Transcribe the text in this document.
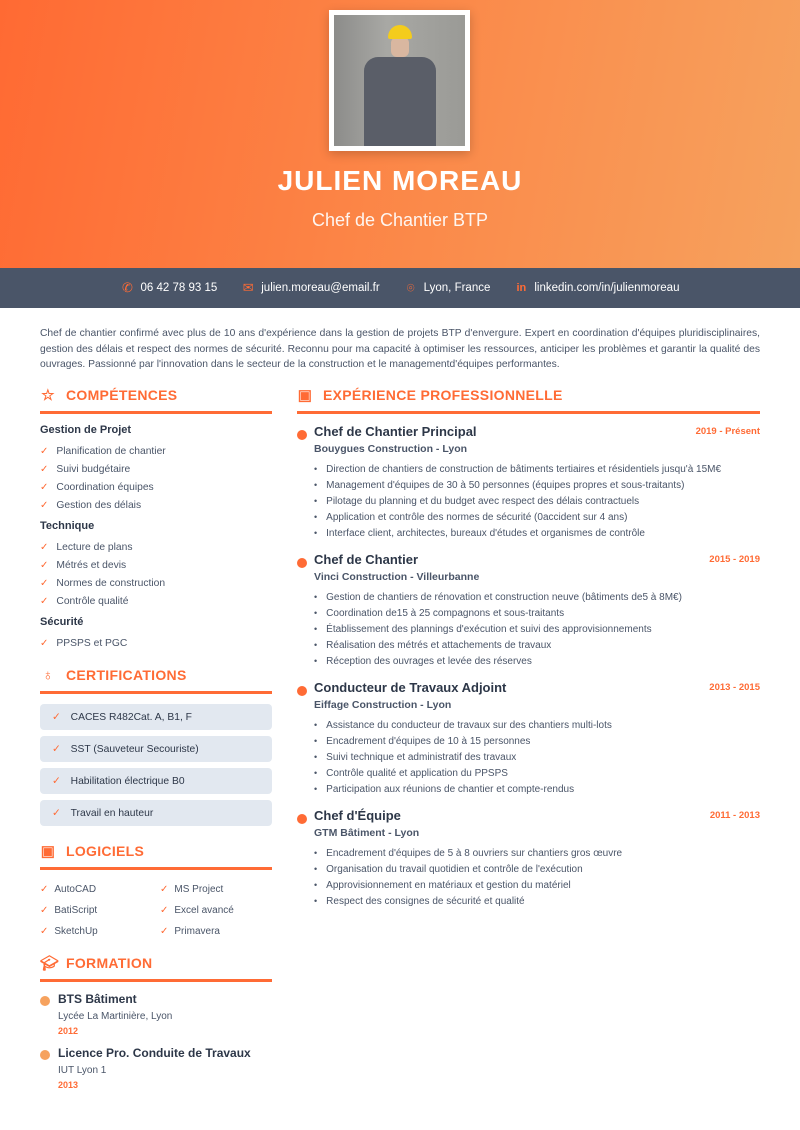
JULIEN MOREAU
Chef de Chantier BTP
✆ 06 42 78 93 15 ✉ julien.moreau@email.fr ⌾ Lyon, France in linkedin.com/in/julienmoreau

Chef de chantier confirmé avec plus de 10 ans d'expérience dans la gestion de projets BTP d'envergure. Expert en coordination d'équipes pluridisciplinaires, gestion des délais et respect des normes de sécurité. Reconnu pour ma capacité à optimiser les ressources, anticiper les problèmes et garantir la qualité des ouvrages. Passionné par l'innovation dans le secteur de la construction et le managementd'équipes performantes.

☆ COMPÉTENCES
Gestion de Projet
✓ Planification de chantier
✓ Suivi budgétaire
✓ Coordination équipes
✓ Gestion des délais
Technique
✓ Lecture de plans
✓ Métrés et devis
✓ Normes de construction
✓ Contrôle qualité
Sécurité
✓ PPSPS et PGC
♁ CERTIFICATIONS
✓ CACES R482Cat. A, B1, F
✓ SST (Sauveteur Secouriste)
✓ Habilitation électrique B0
✓ Travail en hauteur
▣ LOGICIELS
✓ AutoCAD	✓ MS Project
✓ BatiScript	✓ Excel avancé
✓ SketchUp	✓ Primavera
🎓︎ FORMATION
BTS Bâtiment
Lycée La Martinière, Lyon
2012
Licence Pro. Conduite de Travaux
IUT Lyon 1
2013
▣ EXPÉRIENCE PROFESSIONNELLE
Chef de Chantier Principal	2019 - Présent
Bouygues Construction - Lyon
• Direction de chantiers de construction de bâtiments tertiaires et résidentiels jusqu'à 15M€
• Management d'équipes de 30 à 50 personnes (équipes propres et sous-traitants)
• Pilotage du planning et du budget avec respect des délais contractuels
• Application et contrôle des normes de sécurité (0accident sur 4 ans)
• Interface client, architectes, bureaux d'études et organismes de contrôle
Chef de Chantier	2015 - 2019
Vinci Construction - Villeurbanne
• Gestion de chantiers de rénovation et construction neuve (bâtiments de5 à 8M€)
• Coordination de15 à 25 compagnons et sous-traitants
• Établissement des plannings d'exécution et suivi des approvisionnements
• Réalisation des métrés et attachements de travaux
• Réception des ouvrages et levée des réserves
Conducteur de Travaux Adjoint	2013 - 2015
Eiffage Construction - Lyon
• Assistance du conducteur de travaux sur des chantiers multi-lots
• Encadrement d'équipes de 10 à 15 personnes
• Suivi technique et administratif des travaux
• Contrôle qualité et application du PPSPS
• Participation aux réunions de chantier et compte-rendus
Chef d'Équipe	2011 - 2013
GTM Bâtiment - Lyon
• Encadrement d'équipes de 5 à 8 ouvriers sur chantiers gros œuvre
• Organisation du travail quotidien et contrôle de l'exécution
• Approvisionnement en matériaux et gestion du matériel
• Respect des consignes de sécurité et qualité
